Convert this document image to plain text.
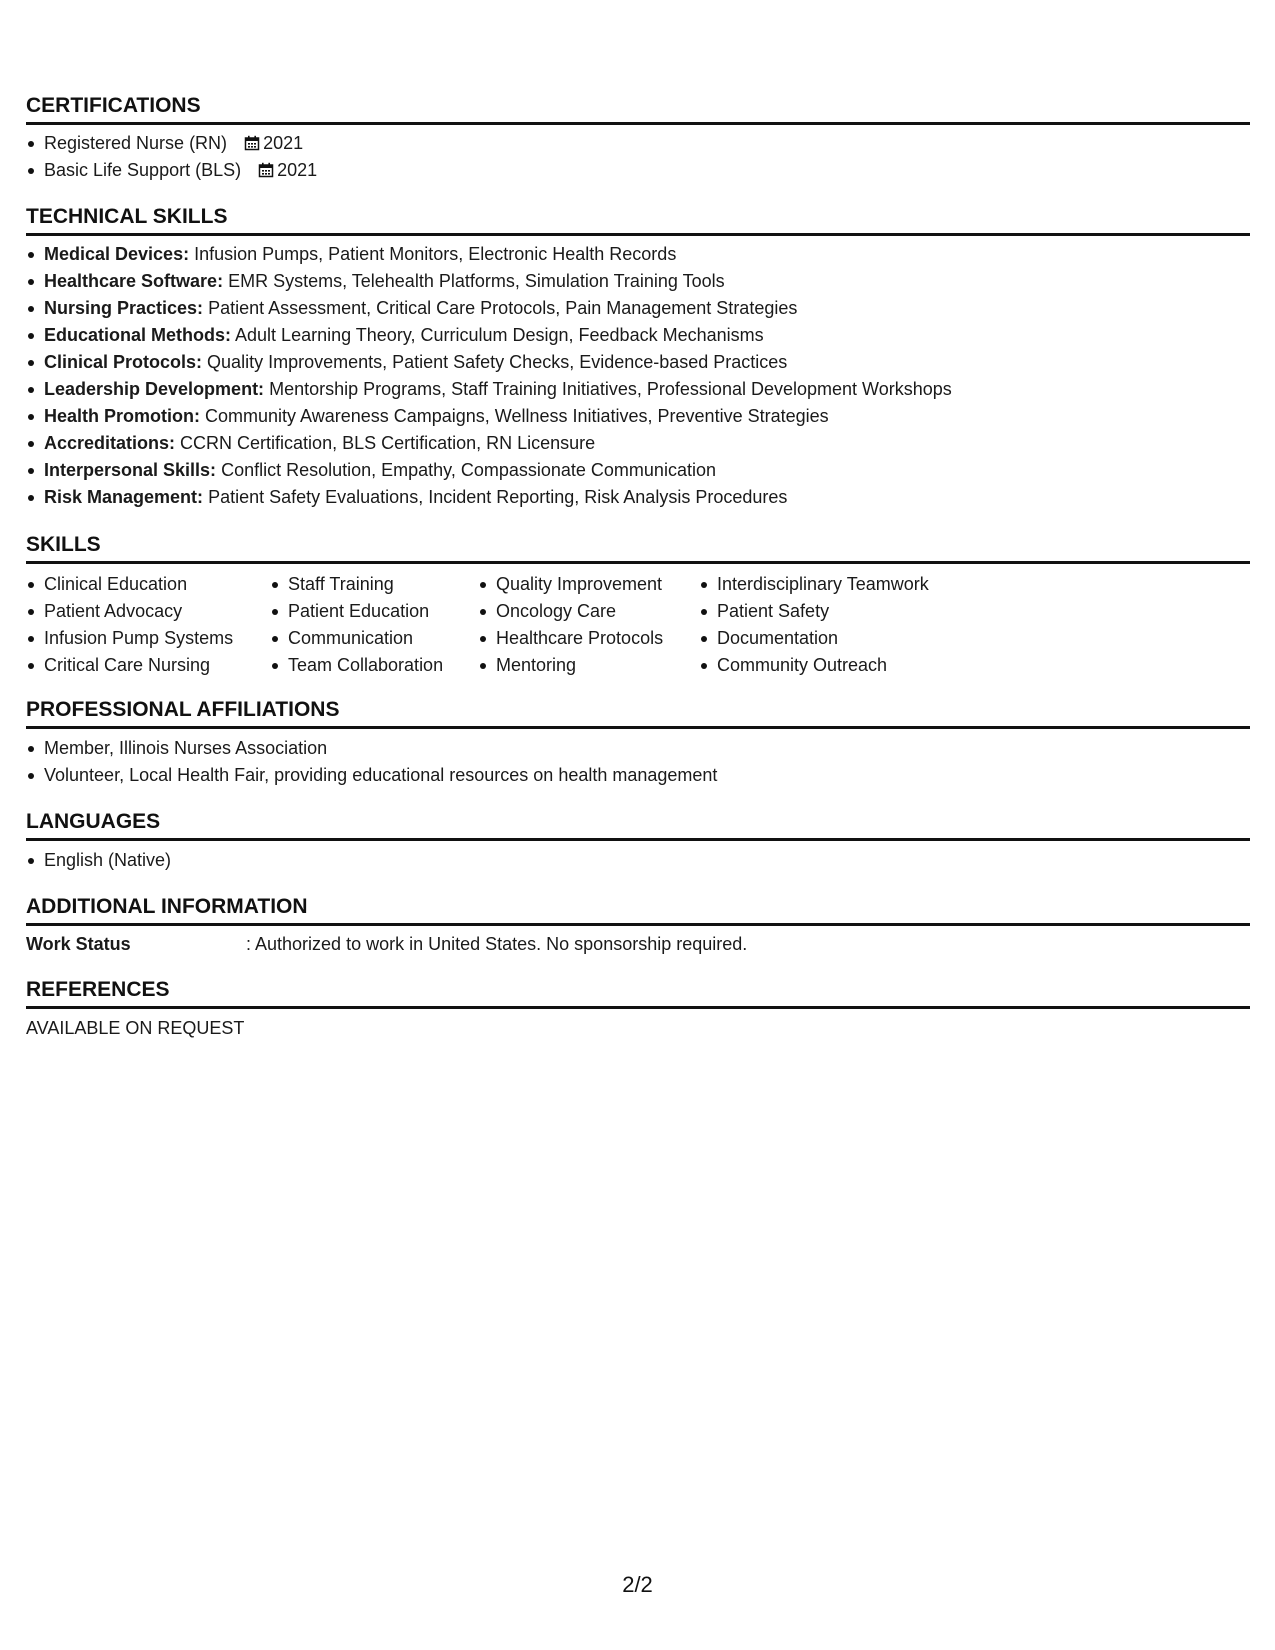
CERTIFICATIONS
Registered Nurse (RN) 2021
Basic Life Support (BLS) 2021
TECHNICAL SKILLS
Medical Devices: Infusion Pumps, Patient Monitors, Electronic Health Records
Healthcare Software: EMR Systems, Telehealth Platforms, Simulation Training Tools
Nursing Practices: Patient Assessment, Critical Care Protocols, Pain Management Strategies
Educational Methods: Adult Learning Theory, Curriculum Design, Feedback Mechanisms
Clinical Protocols: Quality Improvements, Patient Safety Checks, Evidence-based Practices
Leadership Development: Mentorship Programs, Staff Training Initiatives, Professional Development Workshops
Health Promotion: Community Awareness Campaigns, Wellness Initiatives, Preventive Strategies
Accreditations: CCRN Certification, BLS Certification, RN Licensure
Interpersonal Skills: Conflict Resolution, Empathy, Compassionate Communication
Risk Management: Patient Safety Evaluations, Incident Reporting, Risk Analysis Procedures
SKILLS
Clinical Education
Patient Advocacy
Infusion Pump Systems
Critical Care Nursing
Staff Training
Patient Education
Communication
Team Collaboration
Quality Improvement
Oncology Care
Healthcare Protocols
Mentoring
Interdisciplinary Teamwork
Patient Safety
Documentation
Community Outreach
PROFESSIONAL AFFILIATIONS
Member, Illinois Nurses Association
Volunteer, Local Health Fair, providing educational resources on health management
LANGUAGES
English (Native)
ADDITIONAL INFORMATION
Work Status	: Authorized to work in United States. No sponsorship required.
REFERENCES
AVAILABLE ON REQUEST
2/2
